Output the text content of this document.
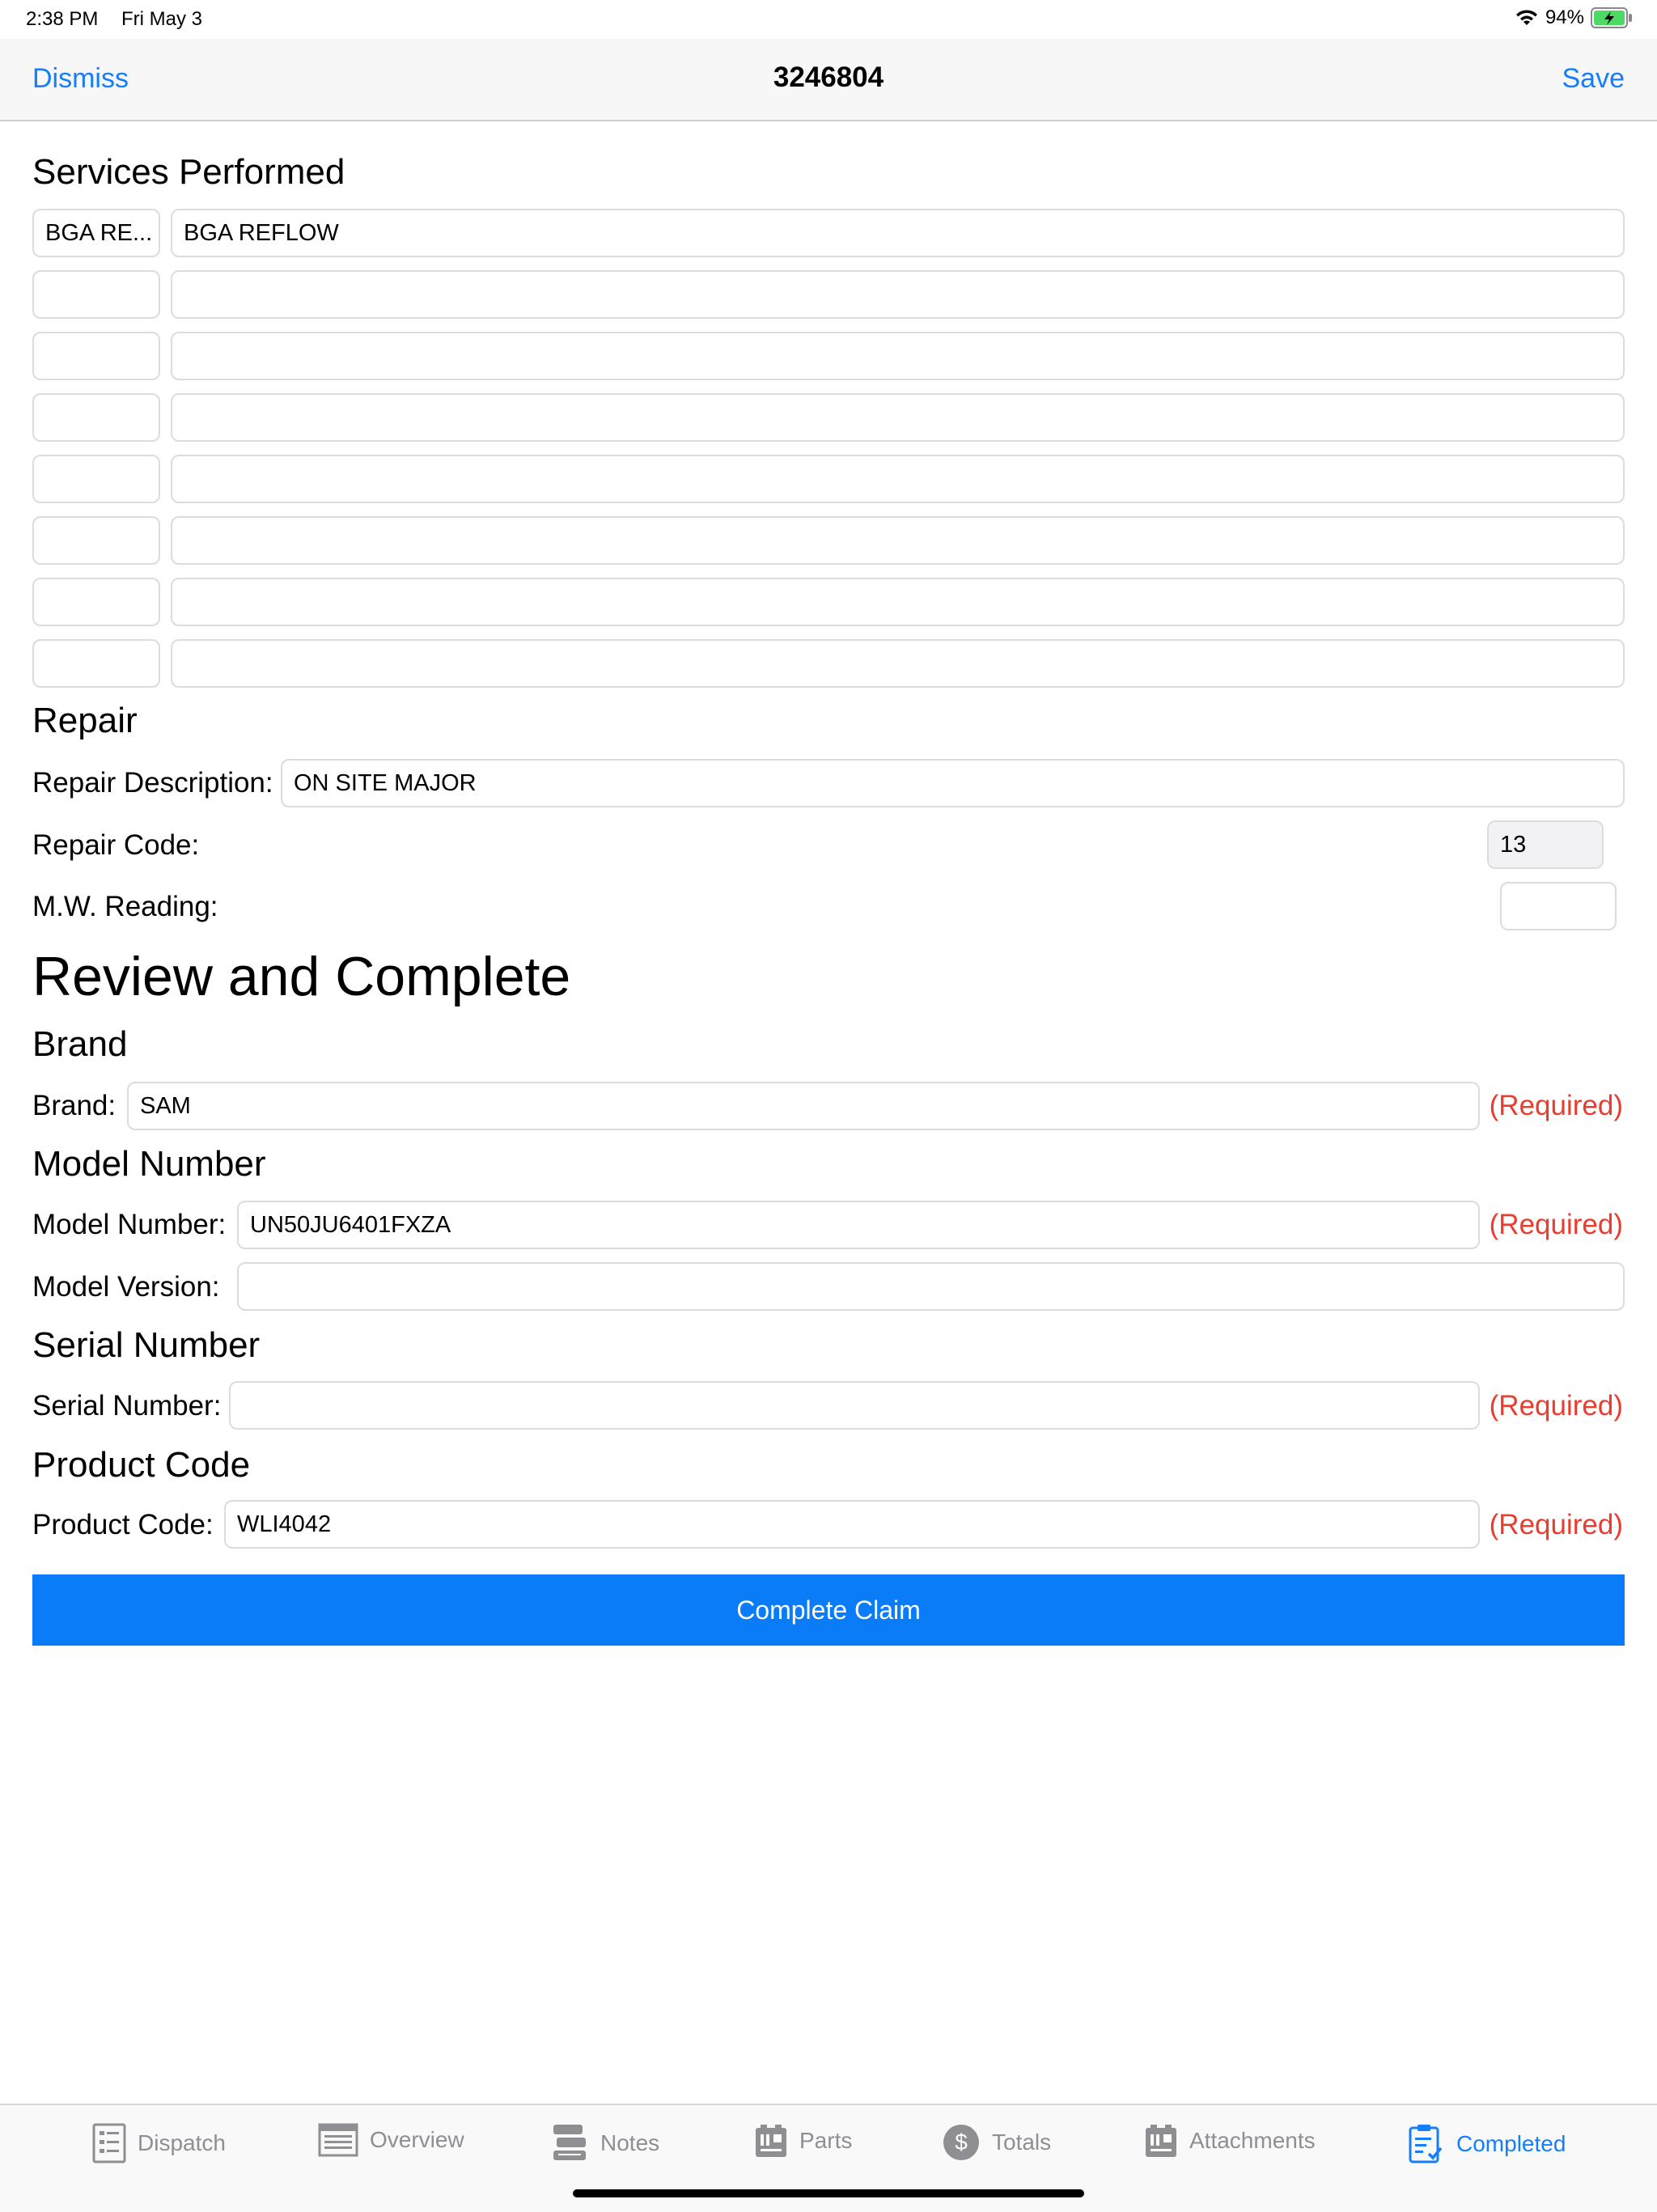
2:38 PM Fri May 3	94%
3246804
Dismiss	Save
Services Performed
BGA RE...	BGA REFLOW
Repair
Repair Description: ON SITE MAJOR
Repair Code:	13
M.W. Reading:
Review and Complete
Brand
Brand:	SAM	(Required)
Model Number
Model Number:	UN50JU6401FXZA	(Required)
Model Version:
Serial Number
Serial Number:	(Required)
Product Code
Product Code:	WLI4042	(Required)
Complete Claim
Dispatch	Overview	Notes	Parts	$ Totals	Attachments	Completed
